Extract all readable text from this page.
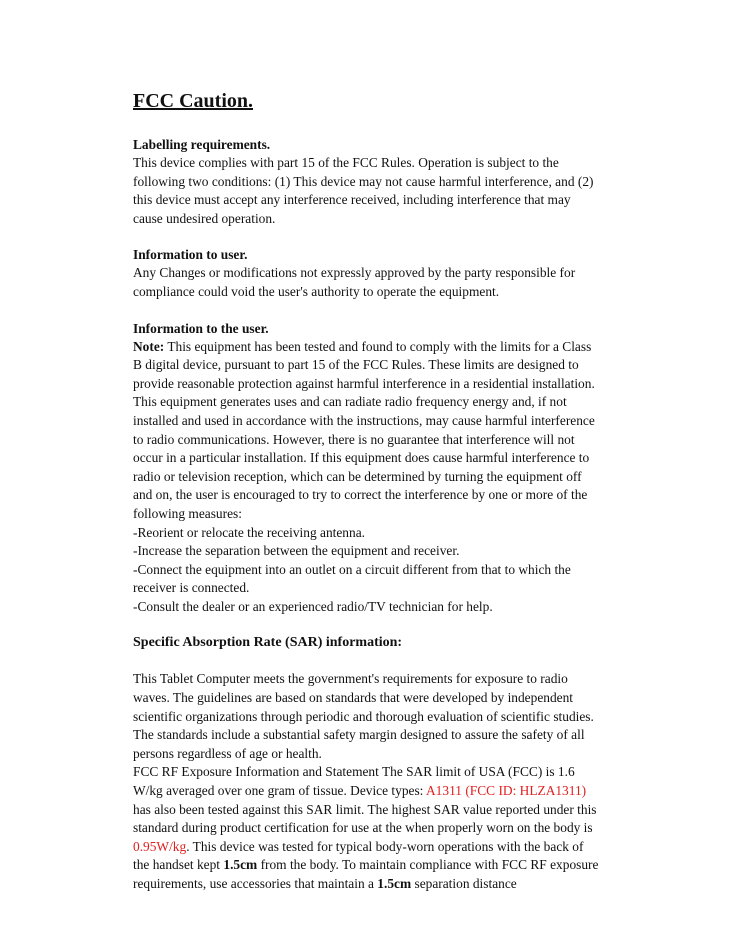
FCC Caution.
Labelling requirements.

This device complies with part 15 of the FCC Rules. Operation is subject to the following two conditions: (1) This device may not cause harmful interference, and (2) this device must accept any interference received, including interference that may cause undesired operation.

Information to user.

Any Changes or modifications not expressly approved by the party responsible for compliance could void the user's authority to operate the equipment.

Information to the user.

Note: This equipment has been tested and found to comply with the limits for a Class B digital device, pursuant to part 15 of the FCC Rules. These limits are designed to provide reasonable protection against harmful interference in a residential installation. This equipment generates uses and can radiate radio frequency energy and, if not installed and used in accordance with the instructions, may cause harmful interference to radio communications. However, there is no guarantee that interference will not occur in a particular installation. If this equipment does cause harmful interference to radio or television reception, which can be determined by turning the equipment off and on, the user is encouraged to try to correct the interference by one or more of the following measures:

-Reorient or relocate the receiving antenna.

-Increase the separation between the equipment and receiver.

-Connect the equipment into an outlet on a circuit different from that to which the receiver is connected.

-Consult the dealer or an experienced radio/TV technician for help.

Specific Absorption Rate (SAR) information:

This Tablet Computer meets the government's requirements for exposure to radio waves. The guidelines are based on standards that were developed by independent scientific organizations through periodic and thorough evaluation of scientific studies. The standards include a substantial safety margin designed to assure the safety of all persons regardless of age or health.

FCC RF Exposure Information and Statement The SAR limit of USA (FCC) is 1.6 W/kg averaged over one gram of tissue. Device types: A1311 (FCC ID: HLZA1311) has also been tested against this SAR limit. The highest SAR value reported under this standard during product certification for use at the when properly worn on the body is 0.95W/kg. This device was tested for typical body-worn operations with the back of the handset kept 1.5cm from the body. To maintain compliance with FCC RF exposure requirements, use accessories that maintain a 1.5cm separation distance
